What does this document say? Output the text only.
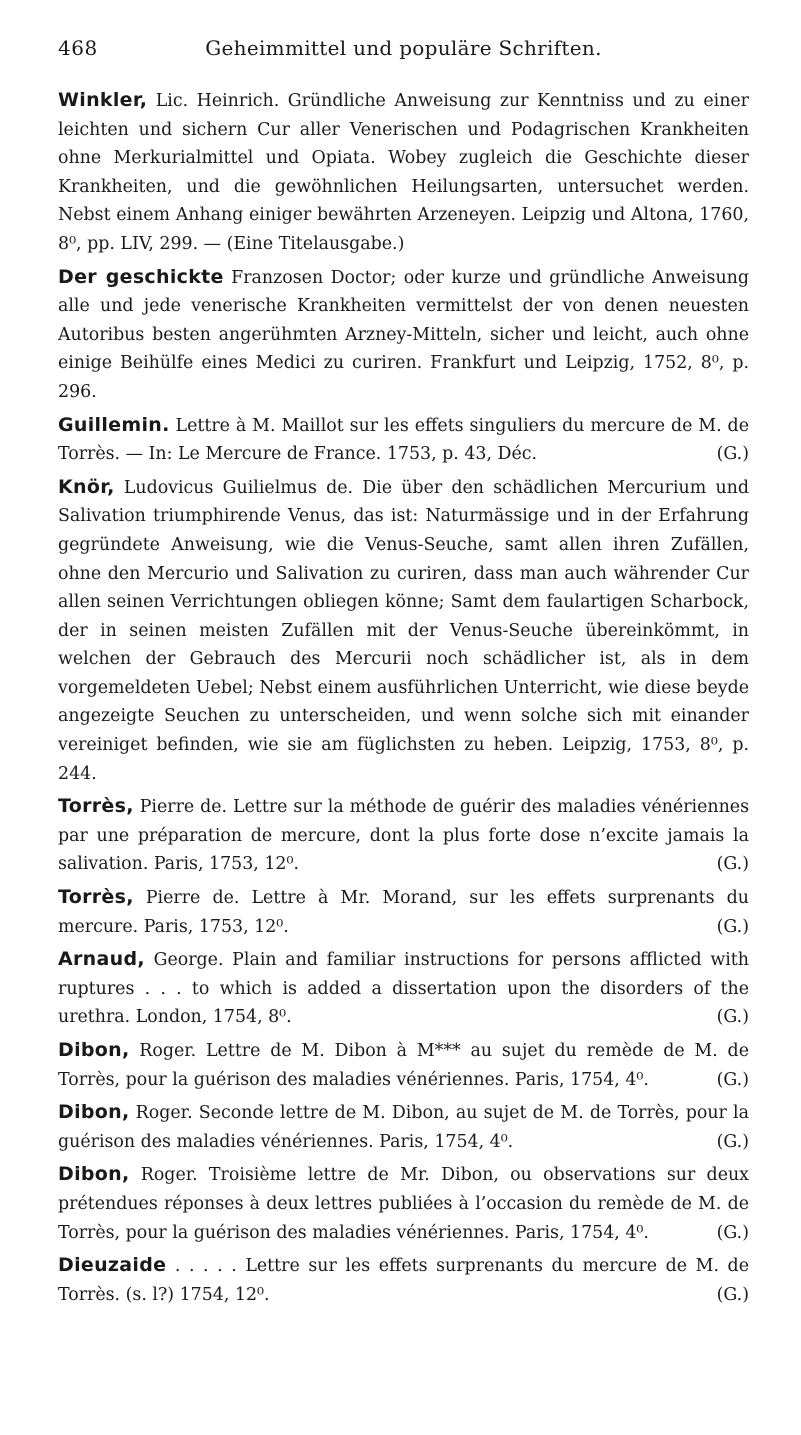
468	Geheimmittel und populäre Schriften.

Winkler, Lic. Heinrich. Gründliche Anweisung zur Kenntniss und zu einer leichten und sichern Cur aller Venerischen und Podagrischen Krankheiten ohne Merkurialmittel und Opiata. Wobey zugleich die Geschichte dieser Krankheiten, und die gewöhnlichen Heilungsarten, untersuchet werden. Nebst einem Anhang einiger bewährten Arzeneyen. Leipzig und Altona, 1760, 8⁰, pp. LIV, 299. — (Eine Titelausgabe.)

Der geschickte Franzosen Doctor; oder kurze und gründliche Anweisung alle und jede venerische Krankheiten vermittelst der von denen neuesten Autoribus besten angerühmten Arzney-Mitteln, sicher und leicht, auch ohne einige Beihülfe eines Medici zu curiren. Frankfurt und Leipzig, 1752, 8⁰, p. 296.

Guillemin. Lettre à M. Maillot sur les effets singuliers du mercure de M. de Torrès. — In: Le Mercure de France. 1753, p. 43, Déc.	(G.)

Knör, Ludovicus Guilielmus de. Die über den schädlichen Mercurium und Salivation triumphirende Venus, das ist: Naturmässige und in der Erfahrung gegründete Anweisung, wie die Venus-Seuche, samt allen ihren Zufällen, ohne den Mercurio und Salivation zu curiren, dass man auch währender Cur allen seinen Verrichtungen obliegen könne; Samt dem faulartigen Scharbock, der in seinen meisten Zufällen mit der Venus-Seuche übereinkömmt, in welchen der Gebrauch des Mercurii noch schädlicher ist, als in dem vorgemeldeten Uebel; Nebst einem ausführlichen Unterricht, wie diese beyde angezeigte Seuchen zu unterscheiden, und wenn solche sich mit einander vereiniget befinden, wie sie am füglichsten zu heben. Leipzig, 1753, 8⁰, p. 244.

Torrès, Pierre de. Lettre sur la méthode de guérir des maladies vénériennes par une préparation de mercure, dont la plus forte dose n’excite jamais la salivation. Paris, 1753, 12⁰.	(G.)

Torrès, Pierre de. Lettre à Mr. Morand, sur les effets surprenants du mercure. Paris, 1753, 12⁰.	(G.)

Arnaud, George. Plain and familiar instructions for persons afflicted with ruptures . . . to which is added a dissertation upon the disorders of the urethra. London, 1754, 8⁰.	(G.)

Dibon, Roger. Lettre de M. Dibon à M*** au sujet du remède de M. de Torrès, pour la guérison des maladies vénériennes. Paris, 1754, 4⁰.	(G.)

Dibon, Roger. Seconde lettre de M. Dibon, au sujet de M. de Torrès, pour la guérison des maladies vénériennes. Paris, 1754, 4⁰.	(G.)

Dibon, Roger. Troisième lettre de Mr. Dibon, ou observations sur deux prétendues réponses à deux lettres publiées à l’occasion du remède de M. de Torrès, pour la guérison des maladies vénériennes. Paris, 1754, 4⁰.	(G.)

Dieuzaide . . . . . Lettre sur les effets surprenants du mercure de M. de Torrès. (s. l?) 1754, 12⁰.	(G.)
